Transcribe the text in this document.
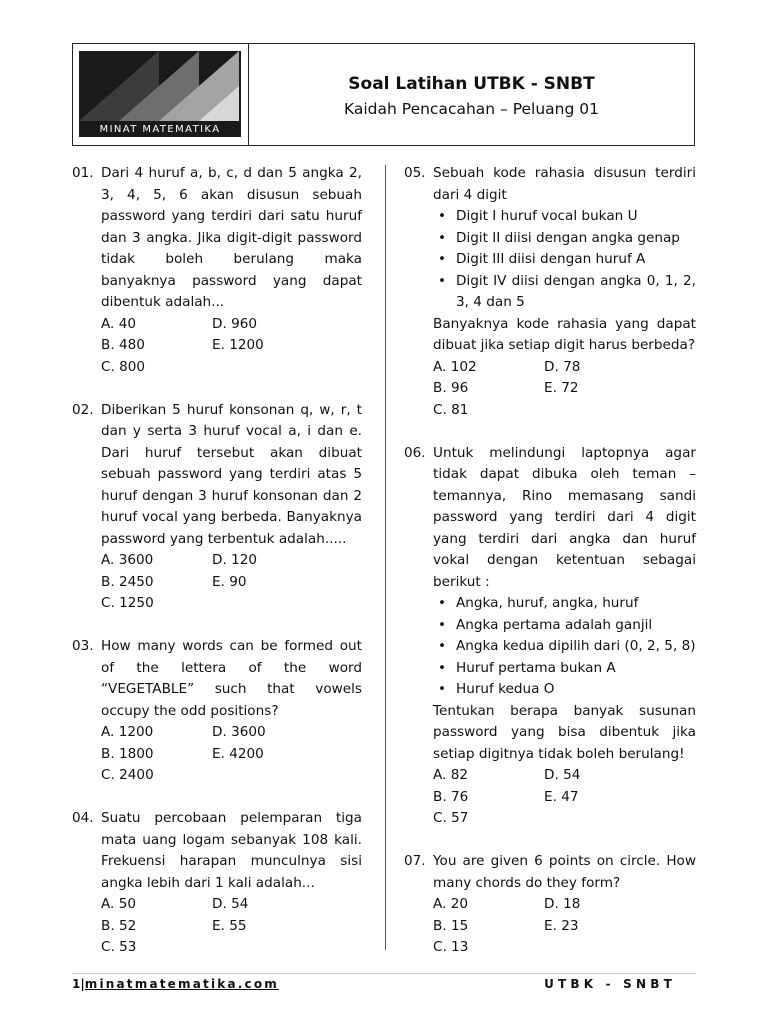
MINAT MATEMATIKA
Soal Latihan UTBK - SNBT
Kaidah Pencacahan – Peluang 01
01. Dari 4 huruf a, b, c, d dan 5 angka 2, 3, 4, 5, 6 akan disusun sebuah password yang terdiri dari satu huruf dan 3 angka. Jika digit-digit password tidak boleh berulang maka banyaknya password yang dapat dibentuk adalah...
A. 40	D. 960
B. 480	E. 1200
C. 800
02. Diberikan 5 huruf konsonan q, w, r, t dan y serta 3 huruf vocal a, i dan e. Dari huruf tersebut akan dibuat sebuah password yang terdiri atas 5 huruf dengan 3 huruf konsonan dan 2 huruf vocal yang berbeda. Banyaknya password yang terbentuk adalah.....
A. 3600	D. 120
B. 2450	E. 90
C. 1250
03. How many words can be formed out of the lettera of the word “VEGETABLE” such that vowels occupy the odd positions?
A. 1200	D. 3600
B. 1800	E. 4200
C. 2400
04. Suatu percobaan pelemparan tiga mata uang logam sebanyak 108 kali. Frekuensi harapan munculnya sisi angka lebih dari 1 kali adalah...
A. 50	D. 54
B. 52	E. 55
C. 53
05. Sebuah kode rahasia disusun terdiri dari 4 digit
• Digit I huruf vocal bukan U
• Digit II diisi dengan angka genap
• Digit III diisi dengan huruf A
• Digit IV diisi dengan angka 0, 1, 2, 3, 4 dan 5
Banyaknya kode rahasia yang dapat dibuat jika setiap digit harus berbeda?
A. 102	D. 78
B. 96	E. 72
C. 81
06. Untuk melindungi laptopnya agar tidak dapat dibuka oleh teman – temannya, Rino memasang sandi password yang terdiri dari 4 digit yang terdiri dari angka dan huruf vokal dengan ketentuan sebagai berikut :
• Angka, huruf, angka, huruf
• Angka pertama adalah ganjil
• Angka kedua dipilih dari (0, 2, 5, 8)
• Huruf pertama bukan A
• Huruf kedua O
Tentukan berapa banyak susunan password yang bisa dibentuk jika setiap digitnya tidak boleh berulang!
A. 82	D. 54
B. 76	E. 47
C. 57
07. You are given 6 points on circle. How many chords do they form?
A. 20	D. 18
B. 15	E. 23
C. 13
1|minatmatematika.com	UTBK - SNBT
